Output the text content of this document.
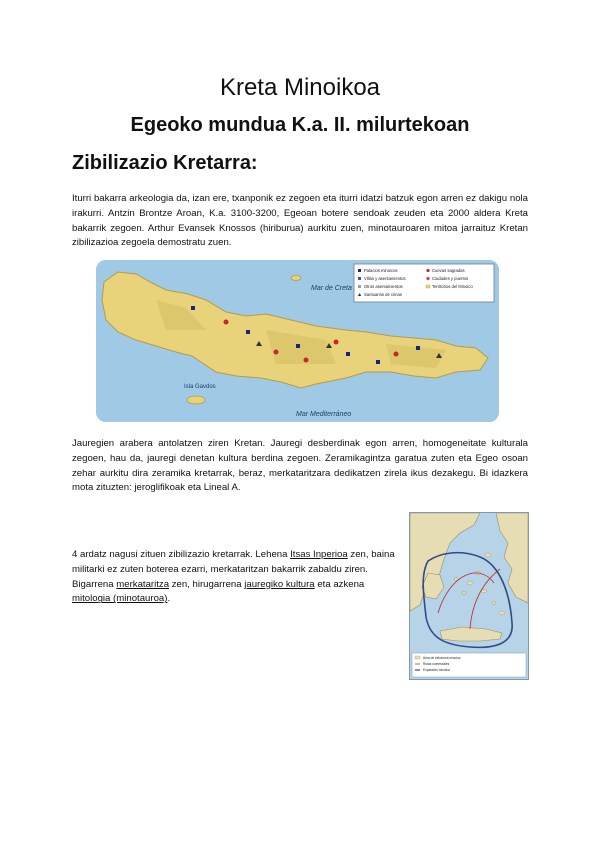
Kreta Minoikoa
Egeoko mundua K.a. II. milurtekoan
Zibilizazio Kretarra:

Iturri bakarra arkeologia da, izan ere, txanponik ez zegoen eta iturri idatzi batzuk egon arren ez dakigu nola irakurri. Antzin Brontze Aroan, K.a. 3100-3200, Egeoan botere sendoak zeuden eta 2000 aldera Kreta bakarrik zegoen. Arthur Evansek Knossos (hiriburua) aurkitu zuen, minotauroaren mitoa jarraituz Kretan zibilizazioa zegoela demostratu zuen.

Mar de Creta
Mar Mediterráneo
Isla Gavdos
Palacios minoicos
Villas y asentamientos
Otros asentamientos
Santuarios de cimas
Cuevas sagradas
Ciudades y puertos
Territorios del Minoico

Jauregien arabera antolatzen ziren Kretan. Jauregi desberdinak egon arren, homogeneitate kulturala zegoen, hau da, jauregi denetan kultura berdina zegoen. Zeramikagintza garatua zuten eta Egeo osoan zehar aurkitu dira zeramika kretarrak, beraz, merkataritzara dedikatzen zirela ikus dezakegu. Bi idazkera mota zituzten: jeroglifikoak eta Lineal A.

4 ardatz nagusi zituen zibilizazio kretarrak. Lehena Itsas Inperioa zen, baina militarki ez zuten boterea ezarri, merkataritzan bakarrik zabaldu ziren. Bigarrena merkataritza zen, hirugarrena jauregiko kultura eta azkena mitologia (minotauroa).

Área de influencia minoica
Rutas comerciales
Expansión minoica
